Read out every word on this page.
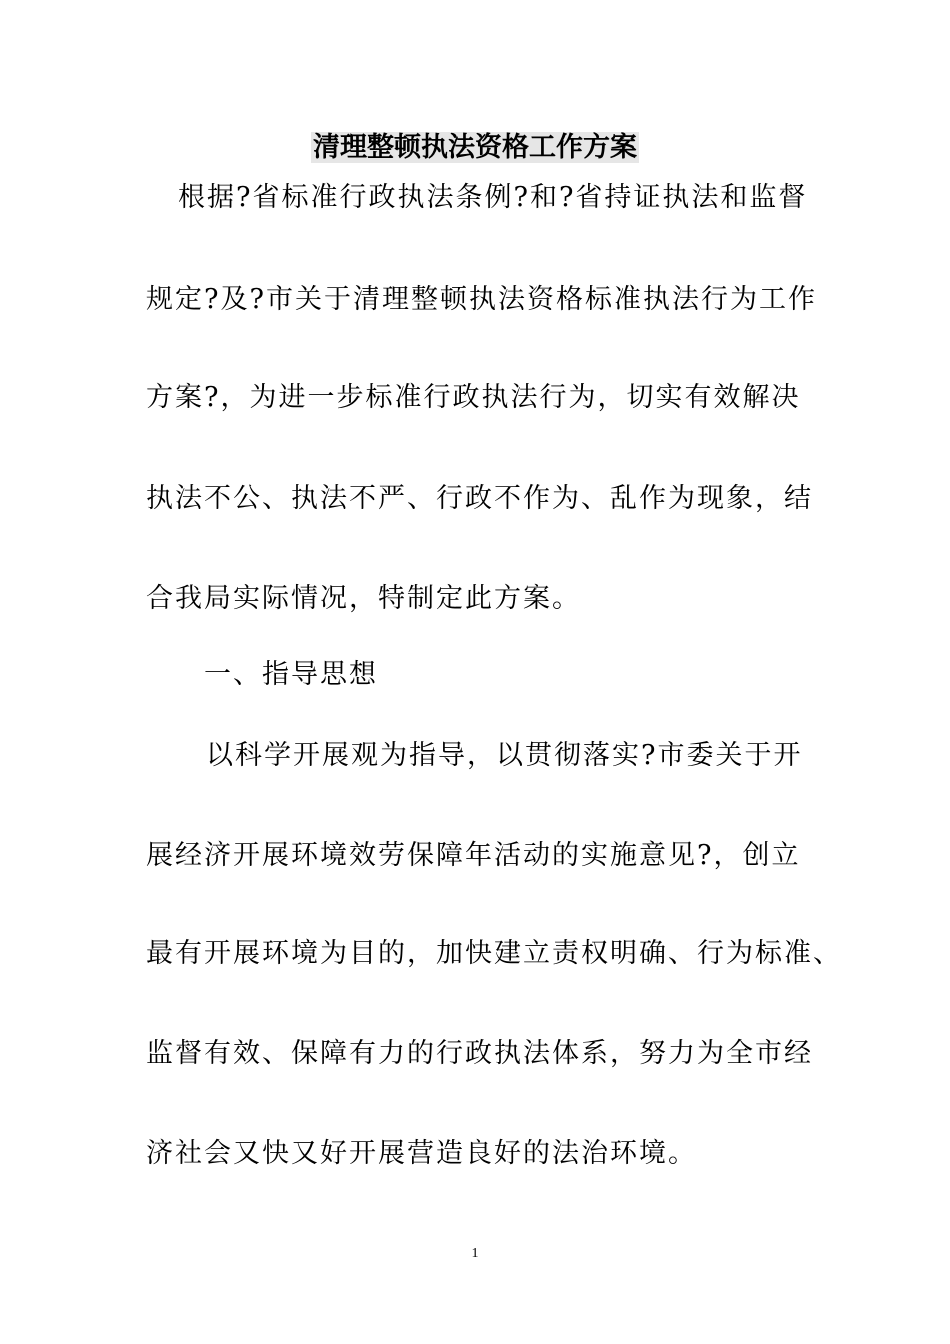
清理整顿执法资格工作方案
根据?省标准行政执法条例?和?省持证执法和监督
规定?及?市关于清理整顿执法资格标准执法行为工作
方案?，为进一步标准行政执法行为，切实有效解决
执法不公、执法不严、行政不作为、乱作为现象，结
合我局实际情况，特制定此方案。
一、指导思想
以科学开展观为指导，以贯彻落实?市委关于开
展经济开展环境效劳保障年活动的实施意见?，创立
最有开展环境为目的，加快建立责权明确、行为标准、
监督有效、保障有力的行政执法体系，努力为全市经
济社会又快又好开展营造良好的法治环境。
1
